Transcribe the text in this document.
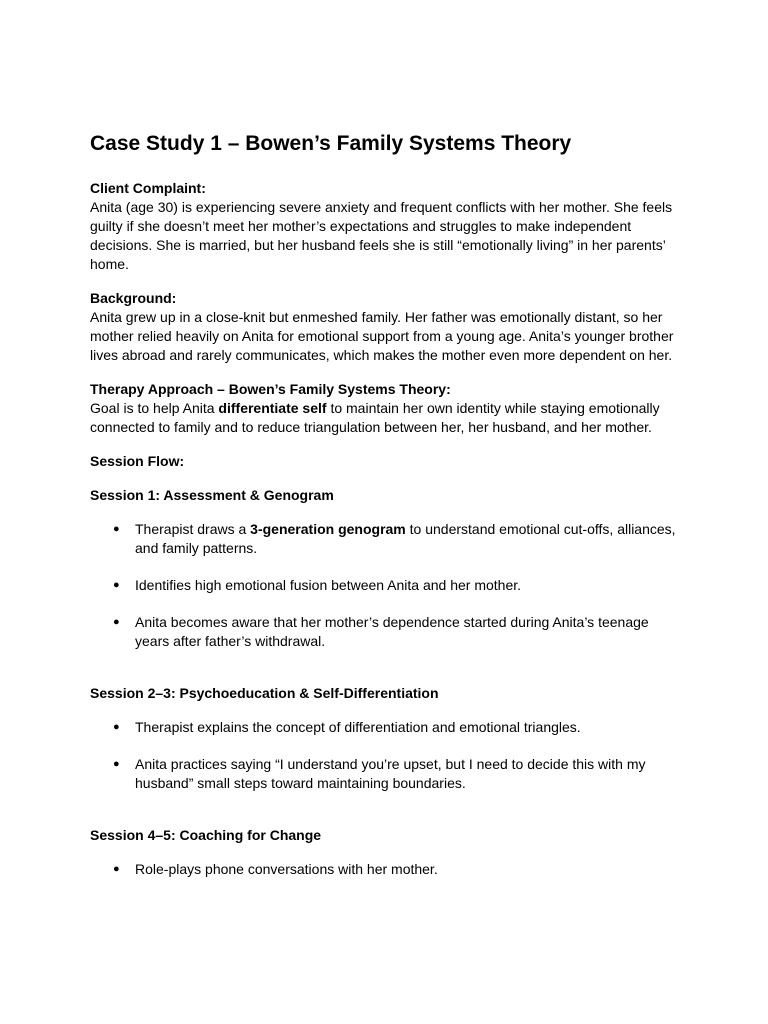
Case Study 1 – Bowen’s Family Systems Theory

Client Complaint:
Anita (age 30) is experiencing severe anxiety and frequent conflicts with her mother. She feels guilty if she doesn’t meet her mother’s expectations and struggles to make independent decisions. She is married, but her husband feels she is still “emotionally living” in her parents’ home.

Background:
Anita grew up in a close-knit but enmeshed family. Her father was emotionally distant, so her mother relied heavily on Anita for emotional support from a young age. Anita’s younger brother lives abroad and rarely communicates, which makes the mother even more dependent on her.

Therapy Approach – Bowen’s Family Systems Theory:
Goal is to help Anita differentiate self to maintain her own identity while staying emotionally connected to family and to reduce triangulation between her, her husband, and her mother.

Session Flow:

Session 1: Assessment & Genogram

● Therapist draws a 3-generation genogram to understand emotional cut-offs, alliances, and family patterns.
● Identifies high emotional fusion between Anita and her mother.
● Anita becomes aware that her mother’s dependence started during Anita’s teenage years after father’s withdrawal.

Session 2–3: Psychoeducation & Self-Differentiation

● Therapist explains the concept of differentiation and emotional triangles.
● Anita practices saying “I understand you’re upset, but I need to decide this with my husband” small steps toward maintaining boundaries.

Session 4–5: Coaching for Change

● Role-plays phone conversations with her mother.
